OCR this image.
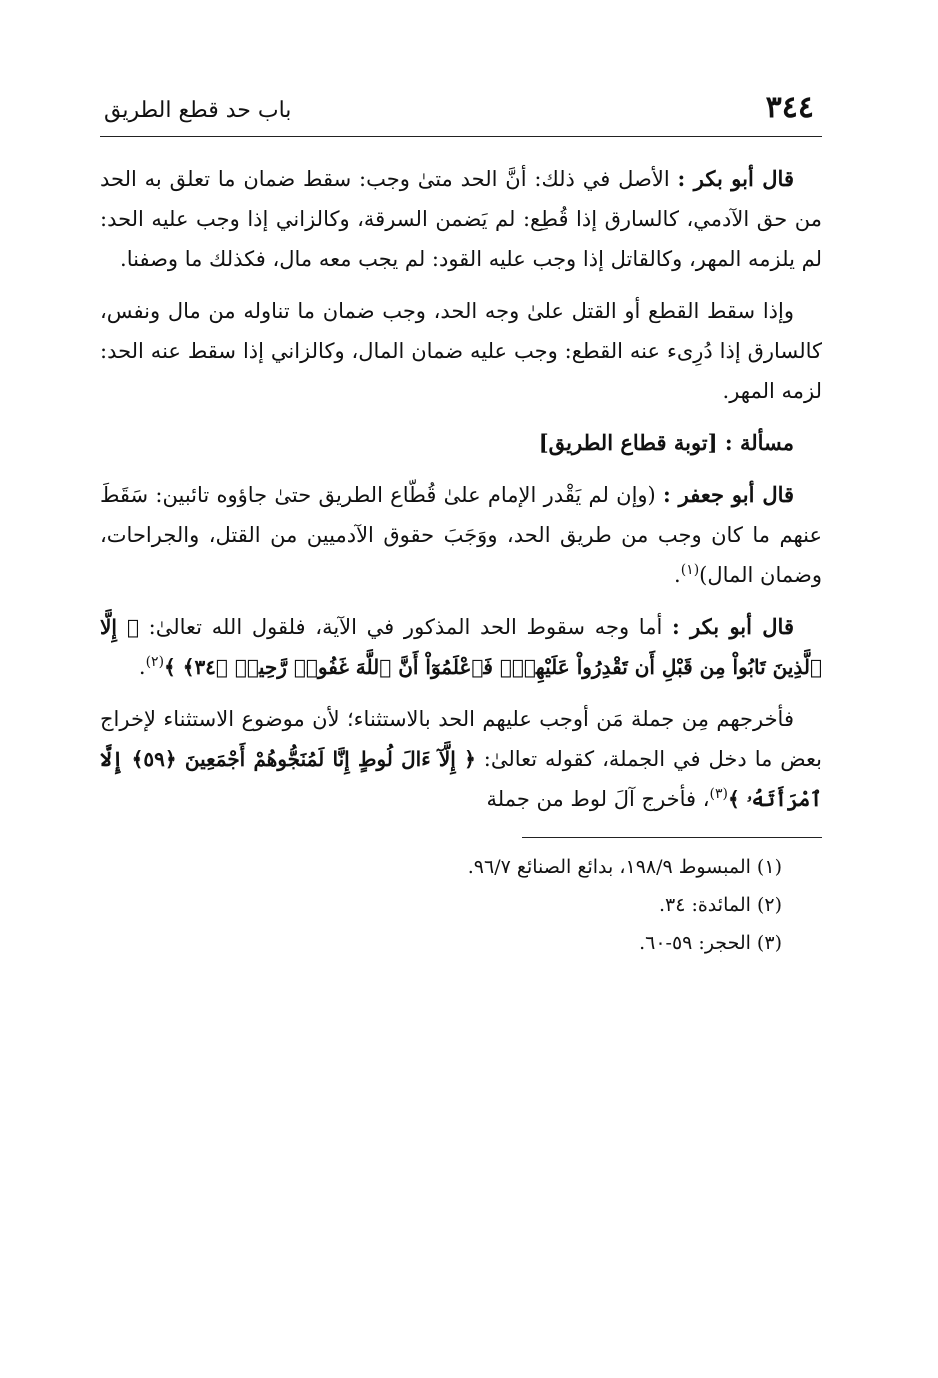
٣٤٤
باب حد قطع الطريق

قال أبو بكر : الأصل في ذلك: أنَّ الحد متىٰ وجب: سقط ضمان ما تعلق به الحد من حق الآدمي، كالسارق إذا قُطِع: لم يَضمن السرقة، وكالزاني إذا وجب عليه الحد: لم يلزمه المهر، وكالقاتل إذا وجب عليه القود: لم يجب معه مال، فكذلك ما وصفنا.

وإذا سقط القطع أو القتل علىٰ وجه الحد، وجب ضمان ما تناوله من مال ونفس، كالسارق إذا دُرِىء عنه القطع: وجب عليه ضمان المال، وكالزاني إذا سقط عنه الحد: لزمه المهر.

مسألة : [توبة قطاع الطريق]

قال أبو جعفر : (وإن لم يَقْدر الإمام علىٰ قُطّاع الطريق حتىٰ جاؤوه تائبين: سَقَطَ عنهم ما كان وجب من طريق الحد، ووَجَبَ حقوق الآدميين من القتل، والجراحات، وضمان المال)$^{(١)}$.

قال أبو بكر : أما وجه سقوط الحد المذكور في الآية، فلقول الله تعالىٰ: ﴿ إِلَّا ٱلَّذِينَ تَابُواْ مِن قَبْلِ أَن تَقْدِرُواْ عَلَيْهِمْۖ فَٱعْلَمُوٓاْ أَنَّ ٱللَّهَ غَفُورٞ رَّحِيمٞ ﴿٣٤﴾ ﴾$^{(٢)}$.

فأخرجهم مِن جملة مَن أوجب عليهم الحد بالاستثناء؛ لأن موضوع الاستثناء لإخراج بعض ما دخل في الجملة، كقوله تعالىٰ: ﴿ إِلَّآ ءَالَ لُوطٍ إِنَّا لَمُنَجُّوهُمْ أَجْمَعِينَ ﴿٥٩﴾ إِلَّا ٱمْرَأَتَهُۥ ﴾$^{(٣)}$، فأخرج آلَ لوط من جملة

(١) المبسوط ١٩٨/٩، بدائع الصنائع ٩٦/٧.

(٢) المائدة: ٣٤.

(٣) الحجر: ٥٩-٦٠.
